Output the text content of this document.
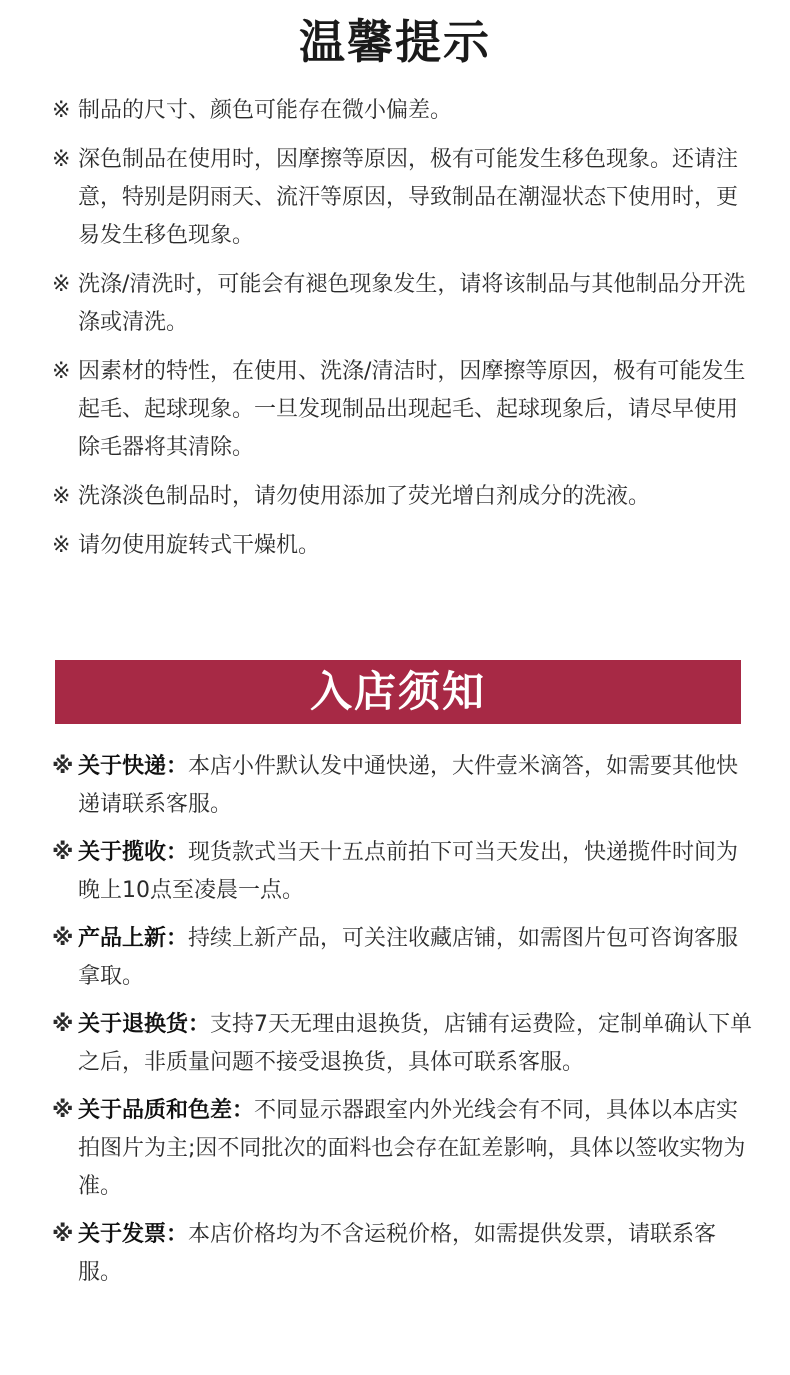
温馨提示
※ 制品的尺寸、颜色可能存在微小偏差。
※ 深色制品在使用时，因摩擦等原因，极有可能发生移色现象。还请注意，特别是阴雨天、流汗等原因，导致制品在潮湿状态下使用时，更易发生移色现象。
※ 洗涤/清洗时，可能会有褪色现象发生，请将该制品与其他制品分开洗涤或清洗。
※ 因素材的特性，在使用、洗涤/清洁时，因摩擦等原因，极有可能发生起毛、起球现象。一旦发现制品出现起毛、起球现象后，请尽早使用除毛器将其清除。
※ 洗涤淡色制品时，请勿使用添加了荧光增白剂成分的洗液。
※ 请勿使用旋转式干燥机。
入店须知
※ 关于快递：本店小件默认发中通快递，大件壹米滴答，如需要其他快递请联系客服。
※ 关于揽收：现货款式当天十五点前拍下可当天发出，快递揽件时间为晚上10点至凌晨一点。
※ 产品上新：持续上新产品，可关注收藏店铺，如需图片包可咨询客服拿取。
※ 关于退换货：支持7天无理由退换货，店铺有运费险，定制单确认下单之后，非质量问题不接受退换货，具体可联系客服。
※ 关于品质和色差：不同显示器跟室内外光线会有不同，具体以本店实拍图片为主;因不同批次的面料也会存在缸差影响，具体以签收实物为准。
※ 关于发票：本店价格均为不含运税价格，如需提供发票，请联系客服。
